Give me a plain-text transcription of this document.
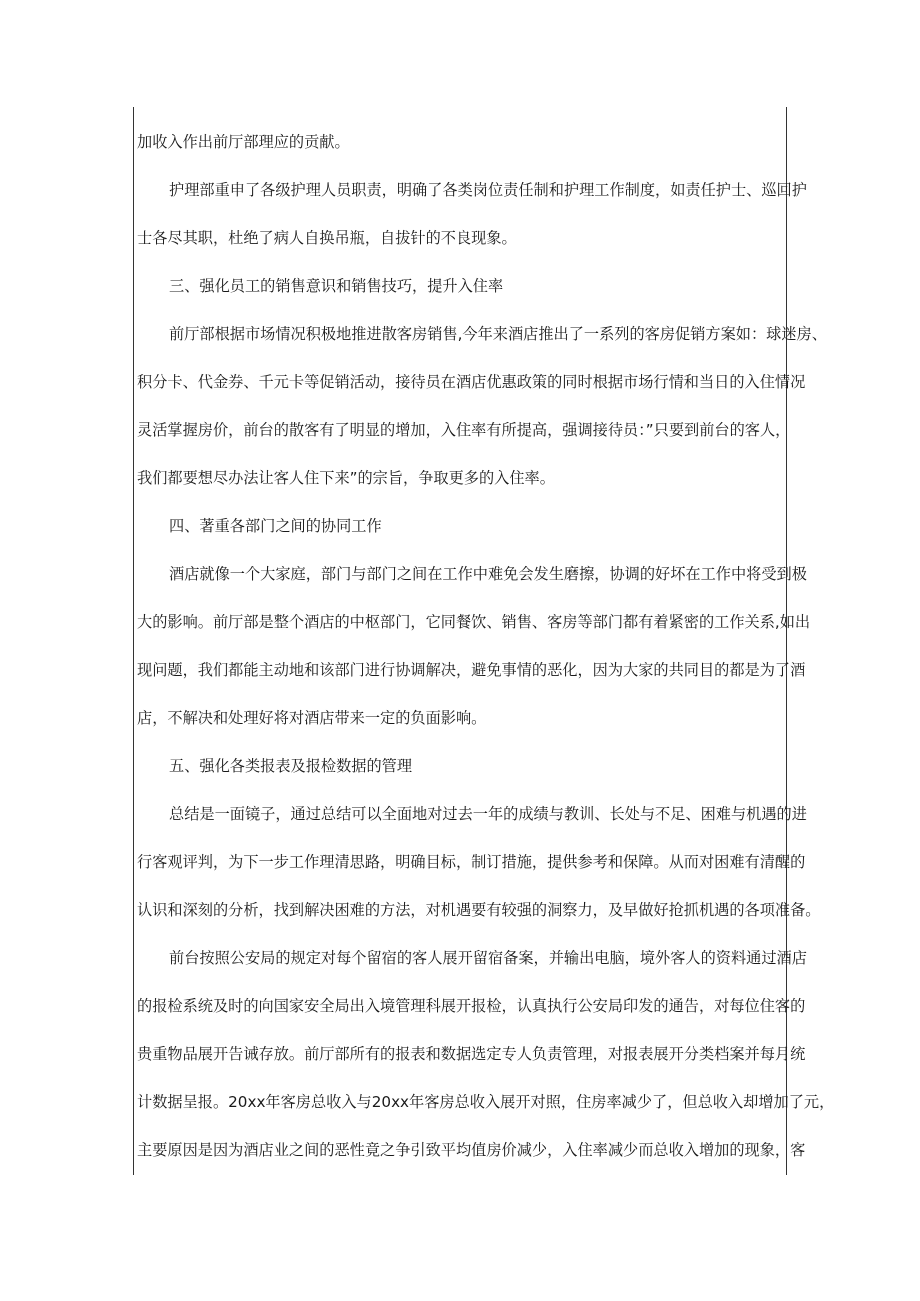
加收入作出前厅部理应的贡献。
护理部重申了各级护理人员职责，明确了各类岗位责任制和护理工作制度，如责任护士、巡回护
士各尽其职，杜绝了病人自换吊瓶，自拔针的不良现象。
三、强化员工的销售意识和销售技巧，提升入住率
前厅部根据市场情况积极地推进散客房销售,今年来酒店推出了一系列的客房促销方案如：球迷房、
积分卡、代金券、千元卡等促销活动，接待员在酒店优惠政策的同时根据市场行情和当日的入住情况
灵活掌握房价，前台的散客有了明显的增加，入住率有所提高，强调接待员：”只要到前台的客人，
我们都要想尽办法让客人住下来”的宗旨，争取更多的入住率。
四、著重各部门之间的协同工作
酒店就像一个大家庭，部门与部门之间在工作中难免会发生磨擦，协调的好坏在工作中将受到极
大的影响。前厅部是整个酒店的中枢部门，它同餐饮、销售、客房等部门都有着紧密的工作关系,如出
现问题，我们都能主动地和该部门进行协调解决，避免事情的恶化，因为大家的共同目的都是为了酒
店，不解决和处理好将对酒店带来一定的负面影响。
五、强化各类报表及报检数据的管理
总结是一面镜子，通过总结可以全面地对过去一年的成绩与教训、长处与不足、困难与机遇的进
行客观评判，为下一步工作理清思路，明确目标，制订措施，提供参考和保障。从而对困难有清醒的
认识和深刻的分析，找到解决困难的方法，对机遇要有较强的洞察力，及早做好抢抓机遇的各项准备。
前台按照公安局的规定对每个留宿的客人展开留宿备案，并输出电脑，境外客人的资料通过酒店
的报检系统及时的向国家安全局出入境管理科展开报检，认真执行公安局印发的通告，对每位住客的
贵重物品展开告诫存放。前厅部所有的报表和数据选定专人负责管理，对报表展开分类档案并每月统
计数据呈报。20xx年客房总收入与20xx年客房总收入展开对照，住房率减少了，但总收入却增加了元，
主要原因是因为酒店业之间的恶性竟之争引致平均值房价减少，入住率减少而总收入增加的现象，客
